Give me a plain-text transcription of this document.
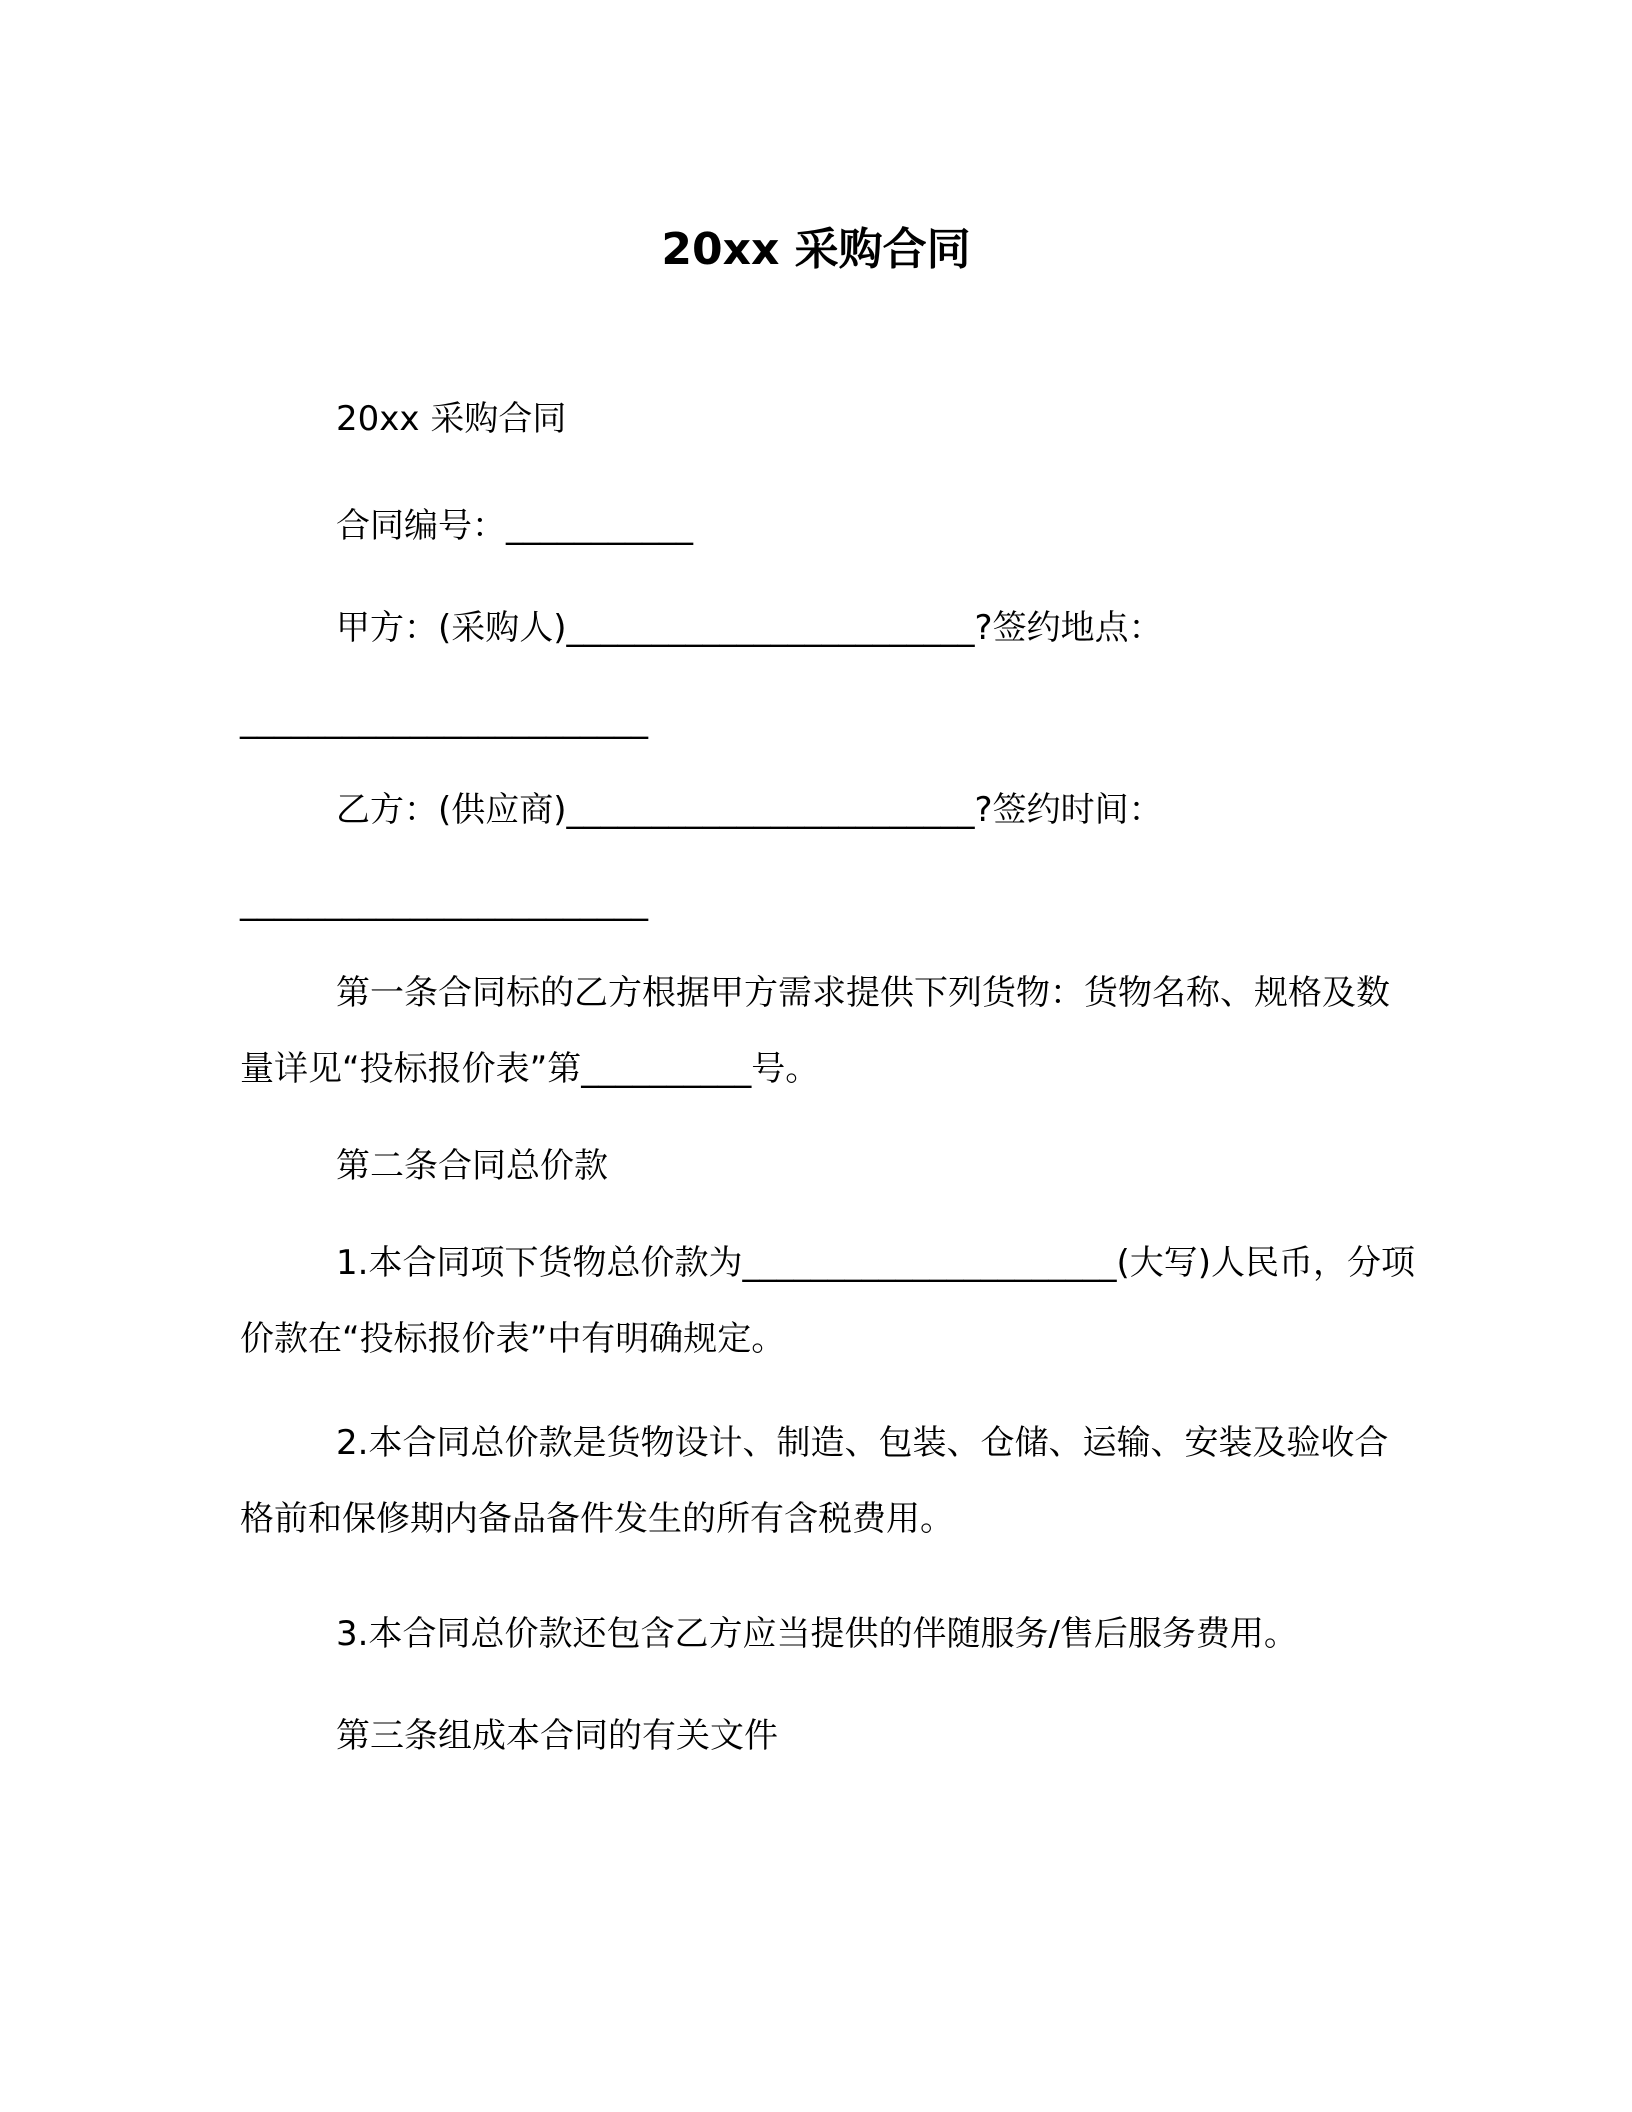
20xx 采购合同
20xx 采购合同
合同编号：___________
甲方：(采购人)________________________?签约地点：
________________________
乙方：(供应商)________________________?签约时间：
________________________
第一条合同标的乙方根据甲方需求提供下列货物：货物名称、规格及数量详见“投标报价表”第__________号。
第二条合同总价款
1.本合同项下货物总价款为______________________(大写)人民币，分项价款在“投标报价表”中有明确规定。
2.本合同总价款是货物设计、制造、包装、仓储、运输、安装及验收合格前和保修期内备品备件发生的所有含税费用。
3.本合同总价款还包含乙方应当提供的伴随服务/售后服务费用。
第三条组成本合同的有关文件
